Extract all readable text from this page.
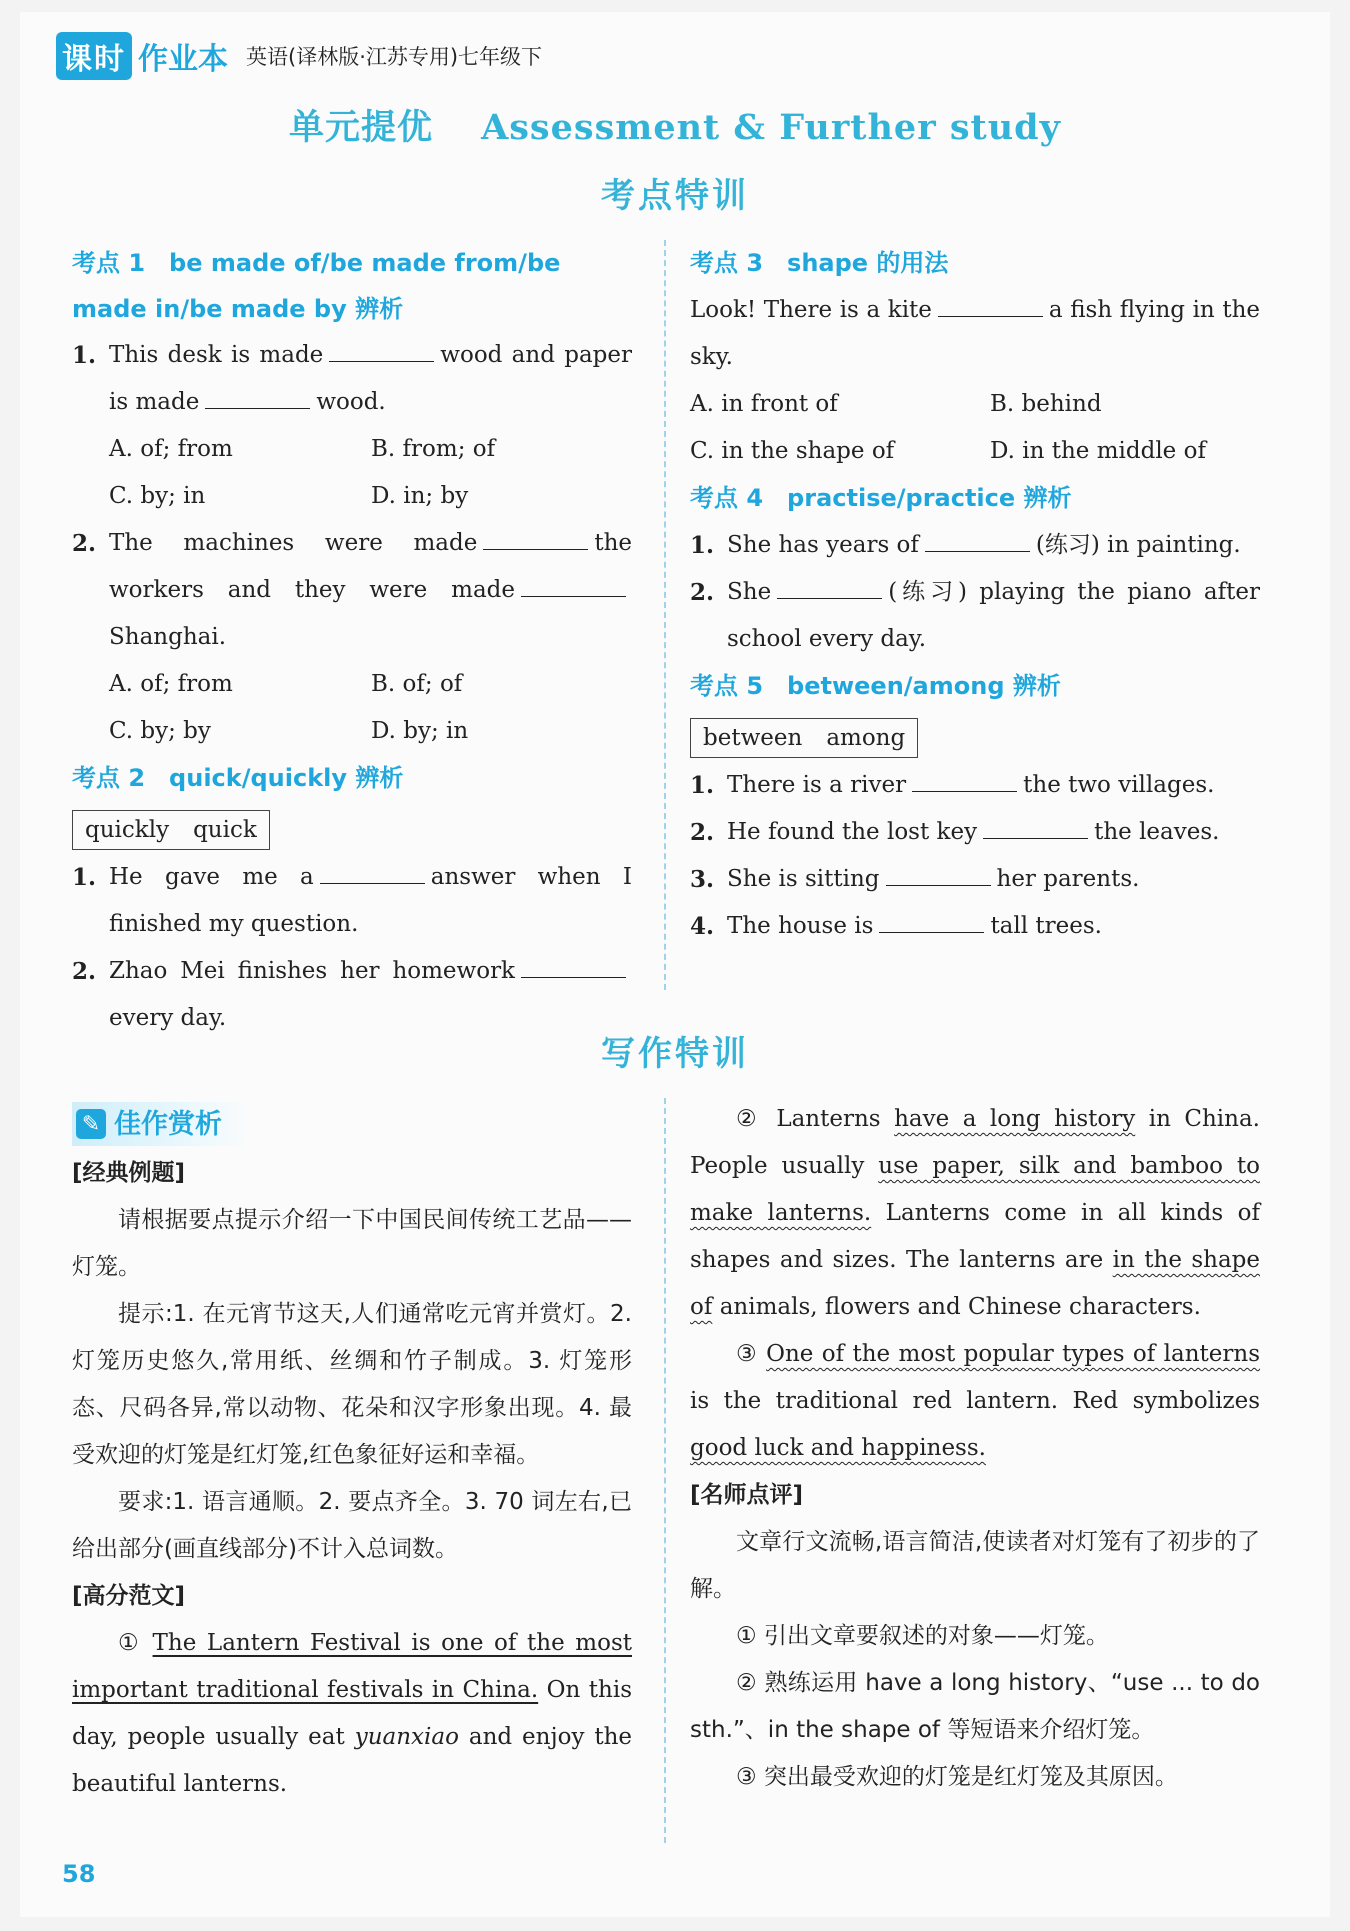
课时 作业本 英语(译林版·江苏专用)七年级下
单元提优 Assessment & Further study
考点特训
考点 1　be made of/be made from/be made in/be made by 辨析
1. This desk is made	wood and paper is made	wood.
A. of; from	B. from; of
C. by; in	D. in; by
2. The machines were made	the workers and they were madeShanghai.
A. of; from	B. of; of
C. by; by	D. by; in
考点 2　quick/quickly 辨析
quickly quick
1. He gave me a	answer when I finished my question.
2. Zhao Mei finishes her homeworkevery day.
考点 3　shape 的用法
Look! There is a kite	a fish flying in the sky.
A. in front of	B. behind
C. in the shape of	D. in the middle of
考点 4　practise/practice 辨析
1. She has years of	(练习) in painting.
2. She	(练习) playing the piano after school every day.
考点 5　between/among 辨析
between among
1. There is a river	the two villages.
2. He found the lost key	the leaves.
3. She is sitting	her parents.
4. The house is	tall trees.
写作特训
✎ 佳作赏析
[经典例题]
请根据要点提示介绍一下中国民间传统工艺品——灯笼。
提示:1. 在元宵节这天,人们通常吃元宵并赏灯。2. 灯笼历史悠久,常用纸、丝绸和竹子制成。3. 灯笼形态、尺码各异,常以动物、花朵和汉字形象出现。4. 最受欢迎的灯笼是红灯笼,红色象征好运和幸福。
要求:1. 语言通顺。2. 要点齐全。3. 70 词左右,已给出部分(画直线部分)不计入总词数。
[高分范文]
① The Lantern Festival is one of the most important traditional festivals in China. On this day, people usually eat yuanxiao and enjoy the beautiful lanterns.
② Lanterns have a long history in China. People usually use paper, silk and bamboo to make lanterns. Lanterns come in all kinds of shapes and sizes. The lanterns are in the shape of animals, flowers and Chinese characters.
③ One of the most popular types of lanterns is the traditional red lantern. Red symbolizes good luck and happiness.
[名师点评]
文章行文流畅,语言简洁,使读者对灯笼有了初步的了解。
① 引出文章要叙述的对象——灯笼。
② 熟练运用 have a long history、“use ... to do sth.”、in the shape of 等短语来介绍灯笼。
③ 突出最受欢迎的灯笼是红灯笼及其原因。
58
